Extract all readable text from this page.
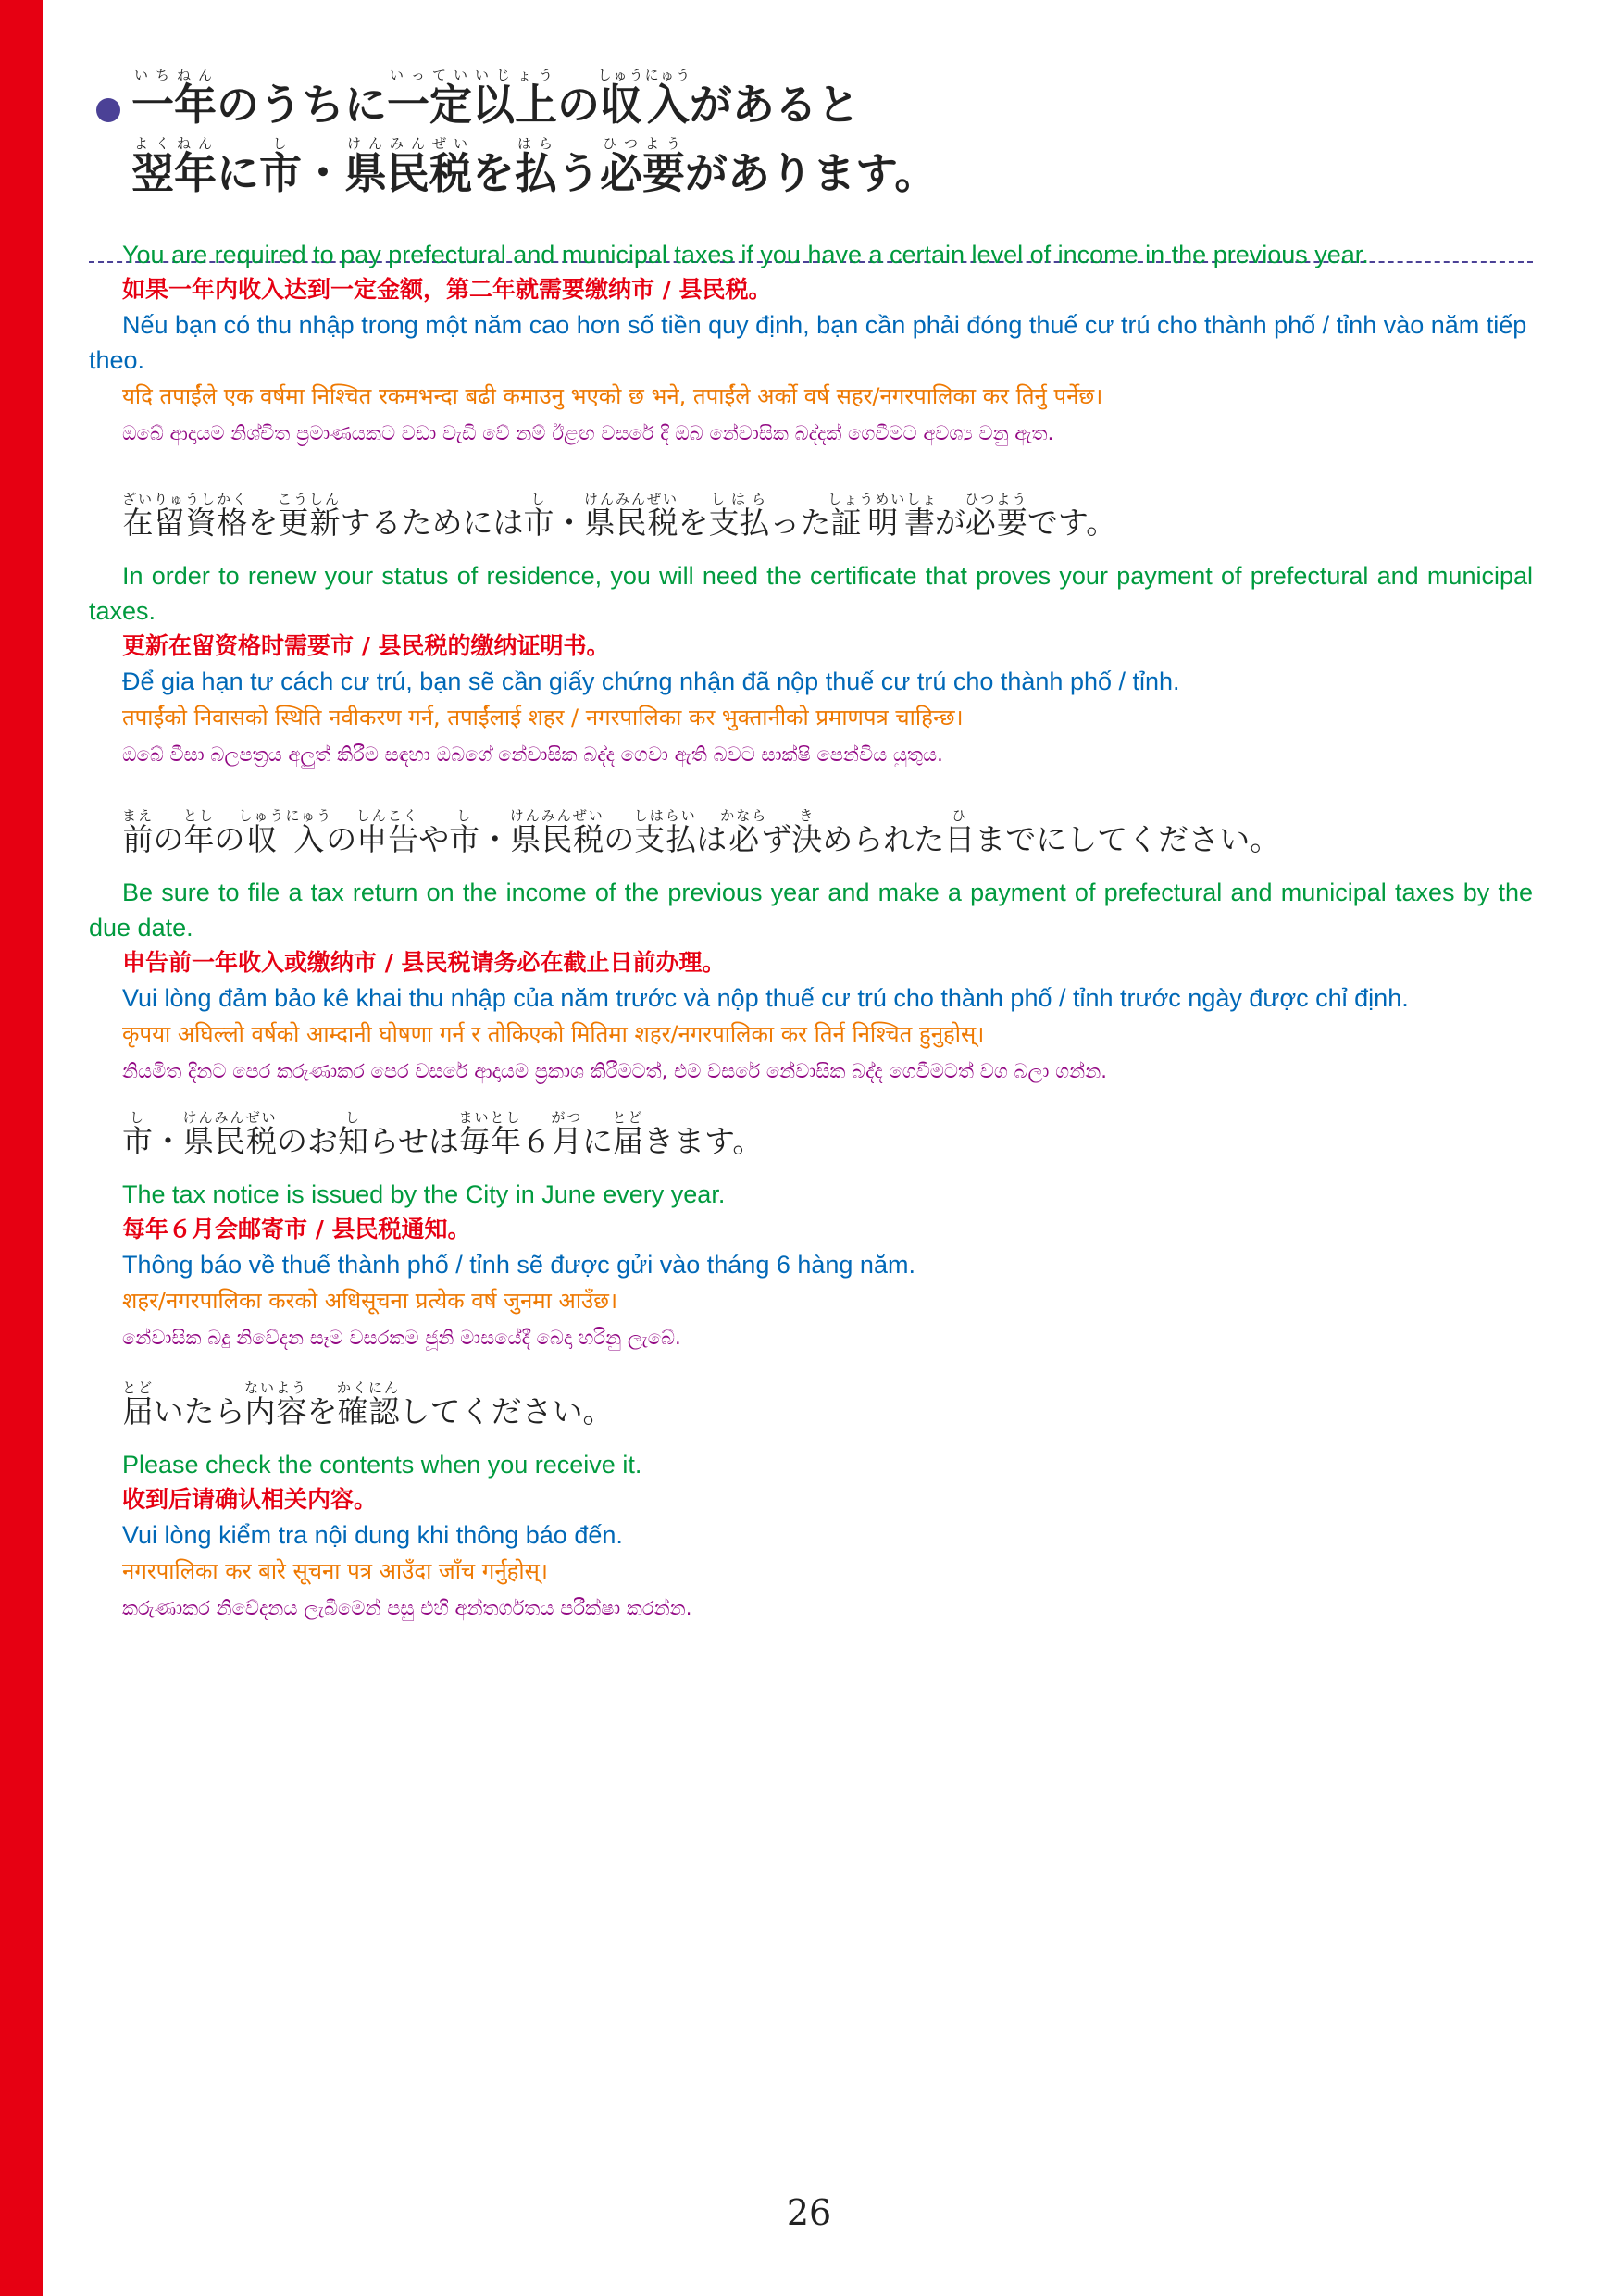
一年いちねんのうちに一定以上いっていいじょうの収入しゅうにゅうがあると
翌年よくねんに市し・県民税けんみんぜいを払はらう必要ひつようがあります。

You are required to pay prefectural and municipal taxes if you have a certain level of income in the previous year.

如果一年内收入达到一定金额，第二年就需要缴纳市 / 县民税。

Nếu bạn có thu nhập trong một năm cao hơn số tiền quy định, bạn cần phải đóng thuế cư trú cho thành phố / tỉnh vào năm tiếp theo.

यदि तपाईंले एक वर्षमा निश्चित रकमभन्दा बढी कमाउनु भएको छ भने, तपाईंले अर्को वर्ष सहर/नगरपालिका कर तिर्नु पर्नेछ।

ඔබේ ආදායම නිශ්චිත ප්‍රමාණයකට වඩා වැඩි වේ නම් ඊළඟ වසරේ දී ඔබ නේවාසික බද්දක් ගෙවීමට අවශ්‍ය වනු ඇත.

在留資格ざいりゅうしかくを更新こうしんするためには市し・県民税けんみんぜいを支払しはらった証明書しょうめいしょが必要ひつようです。

In order to renew your status of residence, you will need the certificate that proves your payment of prefectural and municipal taxes.

更新在留资格时需要市 / 县民税的缴纳证明书。

Để gia hạn tư cách cư trú, bạn sẽ cần giấy chứng nhận đã nộp thuế cư trú cho thành phố / tỉnh.

तपाईंको निवासको स्थिति नवीकरण गर्न, तपाईंलाई शहर / नगरपालिका कर भुक्तानीको प्रमाणपत्र चाहिन्छ।

ඔබේ වීසා බලපත්‍රය අලුත් කිරීම සඳහා ඔබගේ නේවාසික බද්ද ගෙවා ඇති බවට සාක්ෂි පෙන්විය යුතුය.

前まえの年としの収入しゅうにゅうの申告しんこくや市し・県民税けんみんぜいの支払しはらいは必かならず決きめられた日ひまでにしてください。

Be sure to file a tax return on the income of the previous year and make a payment of prefectural and municipal taxes by the due date.

申告前一年收入或缴纳市 / 县民税请务必在截止日前办理。

Vui lòng đảm bảo kê khai thu nhập của năm trước và nộp thuế cư trú cho thành phố / tỉnh trước ngày được chỉ định.

कृपया अघिल्लो वर्षको आम्दानी घोषणा गर्न र तोकिएको मितिमा शहर/नगरपालिका कर तिर्न निश्चित हुनुहोस्।

නියමිත දිනට පෙර කරුණාකර පෙර වසරේ ආදායම ප්‍රකාශ කිරීමටත්, එම වසරේ නේවාසික බද්ද ගෙවීමටත් වග බලා ගන්න.

市し・県民税けんみんぜいのお知しらせは毎年まいとし６月がつに届とどきます。

The tax notice is issued by the City in June every year.

每年６月会邮寄市 / 县民税通知。

Thông báo về thuế thành phố / tỉnh sẽ được gửi vào tháng 6 hàng năm.

शहर/नगरपालिका करको अधिसूचना प्रत्येक वर्ष जुनमा आउँछ।

නේවාසික බදු නිවේදන සෑම වසරකම ජූනි මාසයේදී බෙදා හරිනු ලැබේ.

届とどいたら内容ないようを確認かくにんしてください。

Please check the contents when you receive it.

收到后请确认相关内容。

Vui lòng kiểm tra nội dung khi thông báo đến.

नगरपालिका कर बारे सूचना पत्र आउँदा जाँच गर्नुहोस्।

කරුණාකර නිවේදනය ලැබීමෙන් පසු එහි අන්තර්ගතය පරීක්ෂා කරන්න.

26
